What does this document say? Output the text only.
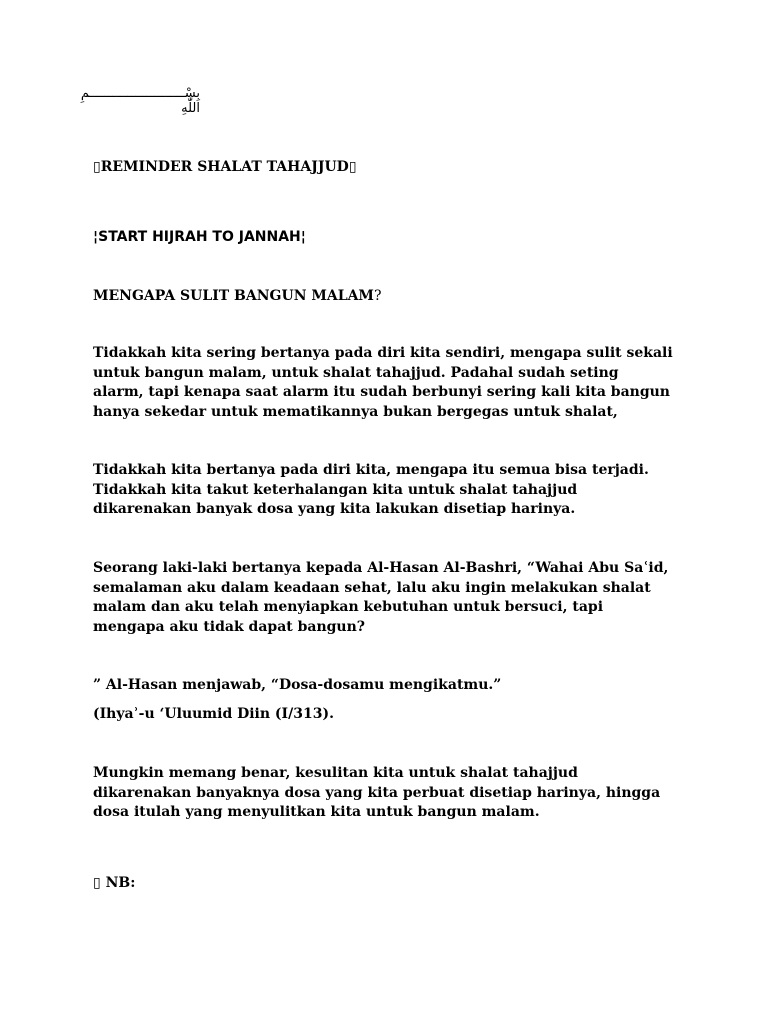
بِسْـــــــــــــــــــــــــمِ اللّٰهِ

▯REMINDER SHALAT TAHAJJUD▯

¦START HIJRAH TO JANNAH¦

MENGAPA SULIT BANGUN MALAM?

Tidakkah kita sering bertanya pada diri kita sendiri, mengapa sulit sekali untuk bangun malam, untuk shalat tahajjud. Padahal sudah seting alarm, tapi kenapa saat alarm itu sudah berbunyi sering kali kita bangun hanya sekedar untuk mematikannya bukan bergegas untuk shalat,

Tidakkah kita bertanya pada diri kita, mengapa itu semua bisa terjadi. Tidakkah kita takut keterhalangan kita untuk shalat tahajjud dikarenakan banyak dosa yang kita lakukan disetiap harinya.

Seorang laki-laki bertanya kepada Al-Hasan Al-Bashri, “Wahai Abu Saʿid, semalaman aku dalam keadaan sehat, lalu aku ingin melakukan shalat malam dan aku telah menyiapkan kebutuhan untuk bersuci, tapi mengapa aku tidak dapat bangun?

” Al-Hasan menjawab, “Dosa-dosamu mengikatmu.”

(Ihyaʾ-u ‘Uluumid Diin (I/313).

Mungkin memang benar, kesulitan kita untuk shalat tahajjud dikarenakan banyaknya dosa yang kita perbuat disetiap harinya, hingga dosa itulah yang menyulitkan kita untuk bangun malam.

▯ NB:
